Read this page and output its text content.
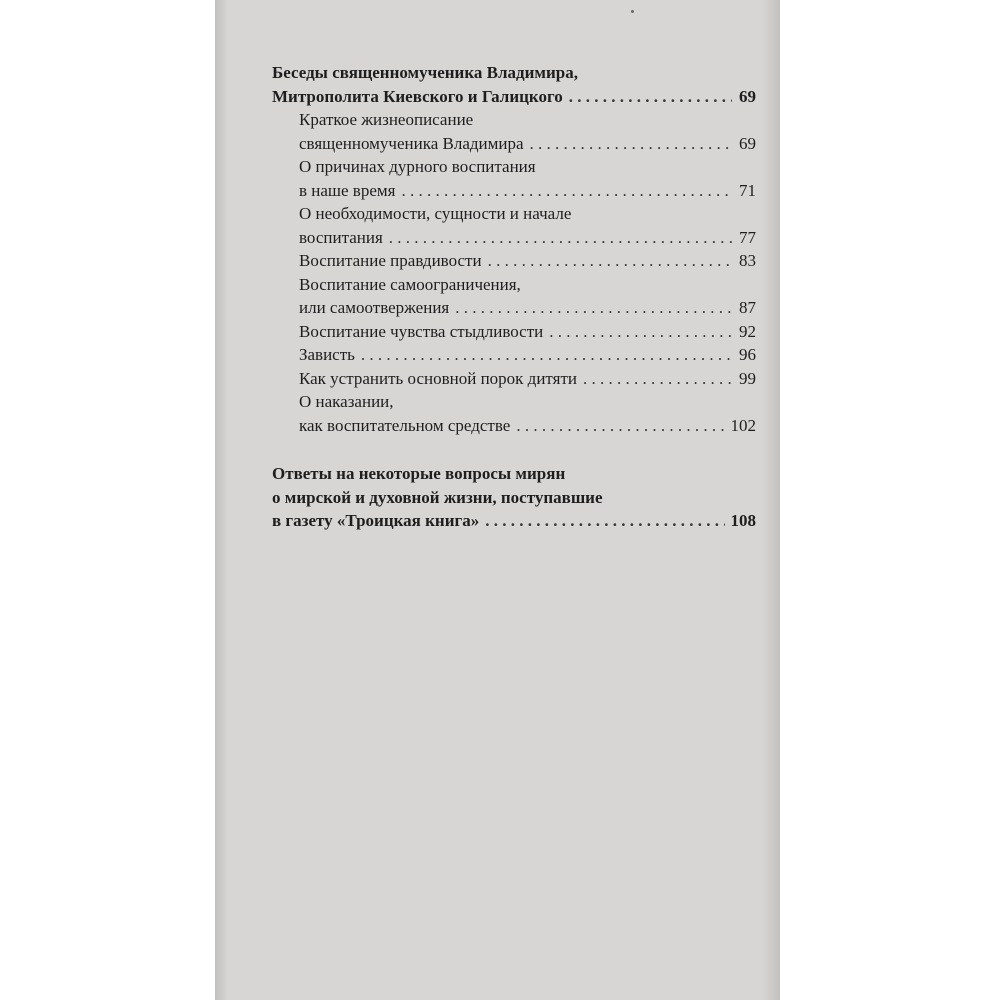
Беседы священномученика Владимира,
Митрополита Киевского и Галицкого . . .	69
Краткое жизнеописание
священномученика Владимира . . .	69
О причинах дурного воспитания
в наше время . . .	71
О необходимости, сущности и начале
воспитания . . .	77
Воспитание правдивости . . .	83
Воспитание самоограничения,
или самоотвержения . . .	87
Воспитание чувства стыдливости . . .	92
Зависть . . .	96
Как устранить основной порок дитяти . . .	99
О наказании,
как воспитательном средстве . . .	102
Ответы на некоторые вопросы мирян
о мирской и духовной жизни, поступавшие
в газету «Троицкая книга» . . .	108
